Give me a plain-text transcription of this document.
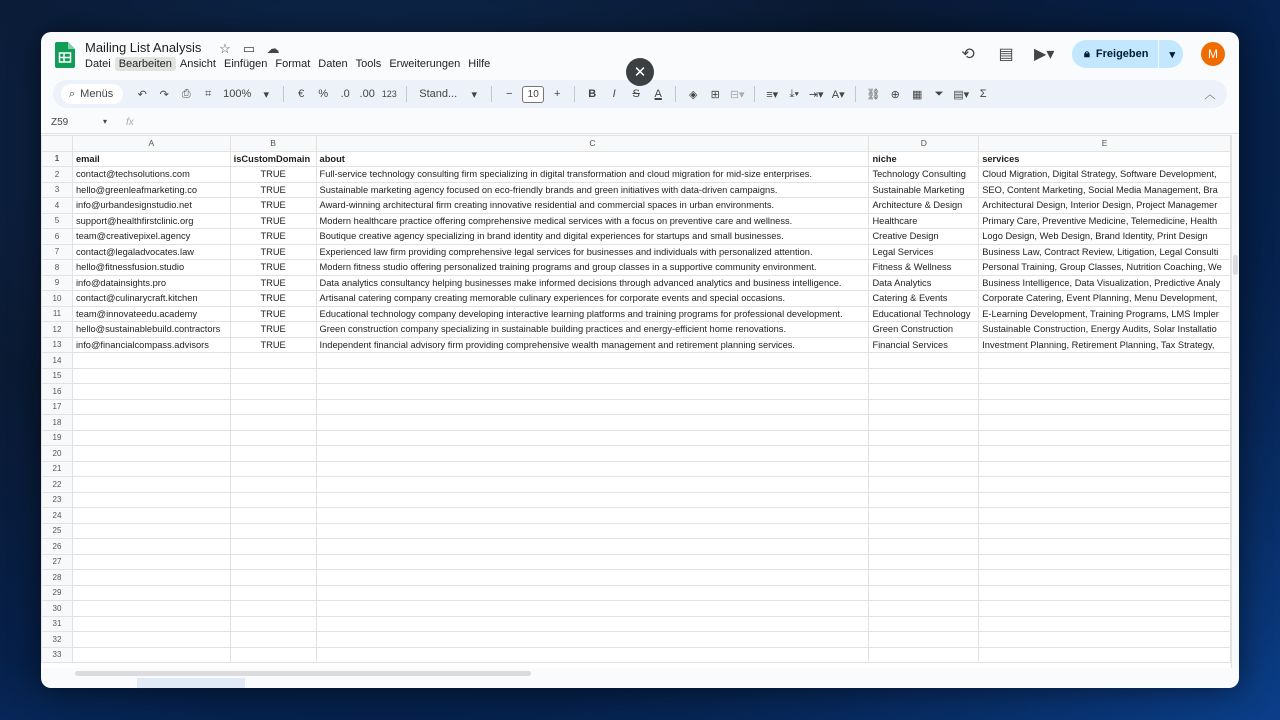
Mailing List Analysis ☆ ▭ ☁
Datei Bearbeiten Ansicht Einfügen Format Daten Tools Erweiterungen Hilfe
⟲ ▤ ▶▾	🔒︎ Freigeben ▾	M
✕
⌕ Menüs	↶	↷	⎙	⌗	100%	▾	€	%	.0 .00 123	Stand...	▾	−	10	+	B	I	S	A	◈	⊞ ⊟▾ ≡▾	⤓▾ ⇥▾ A▾ ⛓ ⊕	▦	⏷ ▤▾ Σ	︿
Z59	▾ fx
	A	B	C	D	E
1	email	isCustomDomain	about	niche	services
2	contact@techsolutions.com	TRUE	Full-service technology consulting firm specializing in digital transformation and cloud migration for mid-size enterprises.	Technology Consulting	Cloud Migration, Digital Strategy, Software Development,
3	hello@greenleafmarketing.co	TRUE	Sustainable marketing agency focused on eco-friendly brands and green initiatives with data-driven campaigns.	Sustainable Marketing	SEO, Content Marketing, Social Media Management, Bra
4	info@urbandesignstudio.net	TRUE	Award-winning architectural firm creating innovative residential and commercial spaces in urban environments.	Architecture & Design	Architectural Design, Interior Design, Project Managemer
5	support@healthfirstclinic.org	TRUE	Modern healthcare practice offering comprehensive medical services with a focus on preventive care and wellness.	Healthcare	Primary Care, Preventive Medicine, Telemedicine, Health
6	team@creativepixel.agency	TRUE	Boutique creative agency specializing in brand identity and digital experiences for startups and small businesses.	Creative Design	Logo Design, Web Design, Brand Identity, Print Design
7	contact@legaladvocates.law	TRUE	Experienced law firm providing comprehensive legal services for businesses and individuals with personalized attention.	Legal Services	Business Law, Contract Review, Litigation, Legal Consulti
8	hello@fitnessfusion.studio	TRUE	Modern fitness studio offering personalized training programs and group classes in a supportive community environment.	Fitness & Wellness	Personal Training, Group Classes, Nutrition Coaching, We
9	info@datainsights.pro	TRUE	Data analytics consultancy helping businesses make informed decisions through advanced analytics and business intelligence.	Data Analytics	Business Intelligence, Data Visualization, Predictive Analy
10	contact@culinarycraft.kitchen	TRUE	Artisanal catering company creating memorable culinary experiences for corporate events and special occasions.	Catering & Events	Corporate Catering, Event Planning, Menu Development,
11	team@innovateedu.academy	TRUE	Educational technology company developing interactive learning platforms and training programs for professional development.	Educational Technology	E-Learning Development, Training Programs, LMS Impler
12	hello@sustainablebuild.contractors	TRUE	Green construction company specializing in sustainable building practices and energy-efficient home renovations.	Green Construction	Sustainable Construction, Energy Audits, Solar Installatio
13	info@financialcompass.advisors	TRUE	Independent financial advisory firm providing comprehensive wealth management and retirement planning services.	Financial Services	Investment Planning, Retirement Planning, Tax Strategy,
14					
15					
16					
17					
18					
19					
20					
21					
22					
23					
24					
25					
26					
27					
28					
29					
30					
31					
32					
33					
